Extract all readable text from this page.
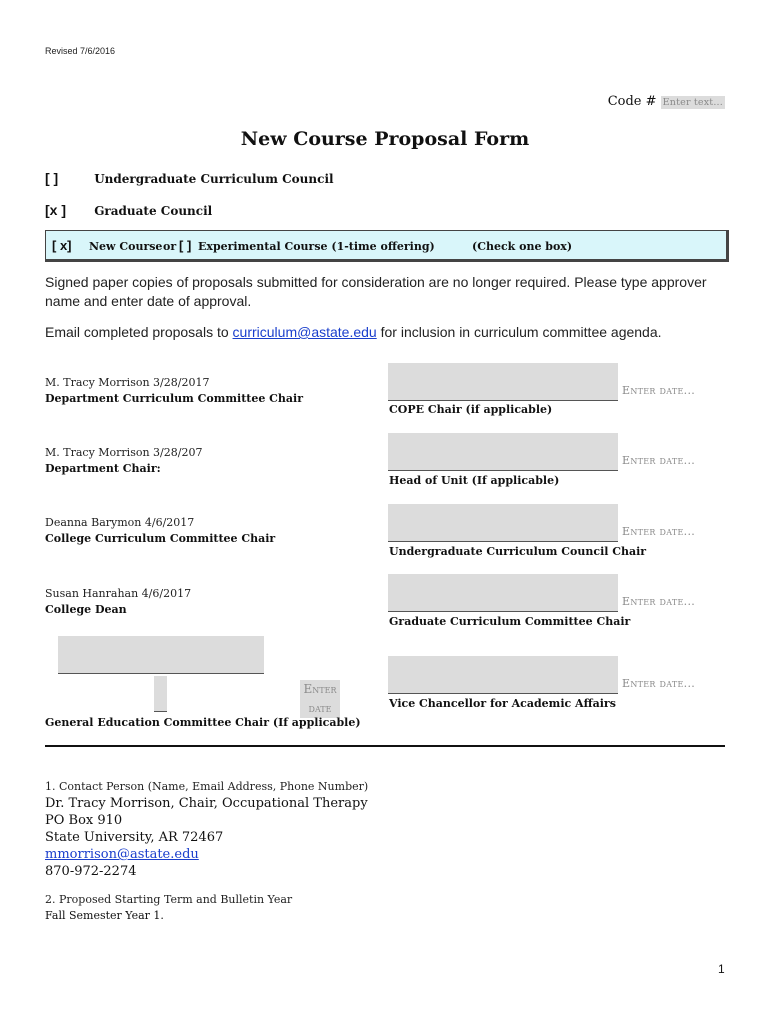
Revised 7/6/2016
Code # Enter text...
New Course Proposal Form
[ ]	Undergraduate Curriculum Council
[x ] Graduate Council
[ x] New Course or [ ] Experimental Course (1-time offering)	(Check one box)
Signed paper copies of proposals submitted for consideration are no longer required. Please type approver name and enter date of approval.
Email completed proposals to curriculum@astate.edu for inclusion in curriculum committee agenda.
M. Tracy Morrison 3/28/2017
Department Curriculum Committee Chair
M. Tracy Morrison 3/28/207
Department Chair:
Deanna Barymon 4/6/2017
College Curriculum Committee Chair
Susan Hanrahan 4/6/2017
College Dean
Enter date...
COPE Chair (if applicable)
Enter date...
Head of Unit (If applicable)
Enter date...
Undergraduate Curriculum Council Chair
Enter date...
Graduate Curriculum Committee Chair
Enter date...
Vice Chancellor for Academic Affairs
Enter
date
General Education Committee Chair (If applicable)
1. Contact Person (Name, Email Address, Phone Number)
Dr. Tracy Morrison, Chair, Occupational Therapy
PO Box 910
State University, AR 72467
mmorrison@astate.edu
870-972-2274
2. Proposed Starting Term and Bulletin Year
Fall Semester Year 1.
1
